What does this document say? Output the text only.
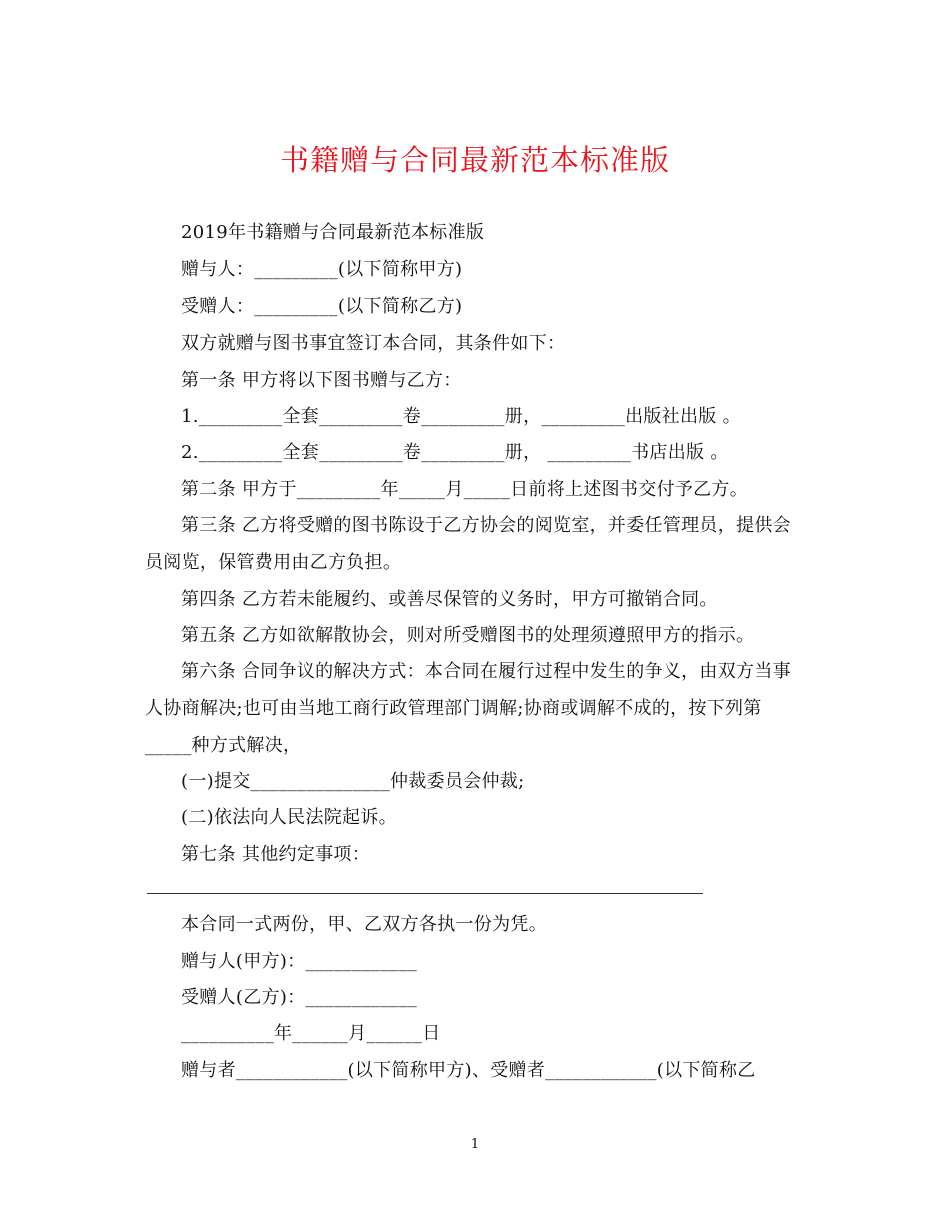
书籍赠与合同最新范本标准版
2019年书籍赠与合同最新范本标准版
赠与人：_________(以下简称甲方)
受赠人：_________(以下简称乙方)
双方就赠与图书事宜签订本合同，其条件如下：
第一条 甲方将以下图书赠与乙方：
1._________全套_________卷_________册，_________出版社出版 。
2._________全套_________卷_________册， _________书店出版 。
第二条 甲方于_________年_____月_____日前将上述图书交付予乙方。
第三条 乙方将受赠的图书陈设于乙方协会的阅览室，并委任管理员，提供会
员阅览，保管费用由乙方负担。
第四条 乙方若未能履约、或善尽保管的义务时，甲方可撤销合同。
第五条 乙方如欲解散协会，则对所受赠图书的处理须遵照甲方的指示。
第六条 合同争议的解决方式：本合同在履行过程中发生的争义，由双方当事
人协商解决;也可由当地工商行政管理部门调解;协商或调解不成的，按下列第
_____种方式解决，
(一)提交_______________仲裁委员会仲裁;
(二)依法向人民法院起诉。
第七条 其他约定事项：
本合同一式两份，甲、乙双方各执一份为凭。
赠与人(甲方)：____________
受赠人(乙方)：____________
__________年______月______日
赠与者____________(以下简称甲方)、受赠者____________(以下简称乙
1
